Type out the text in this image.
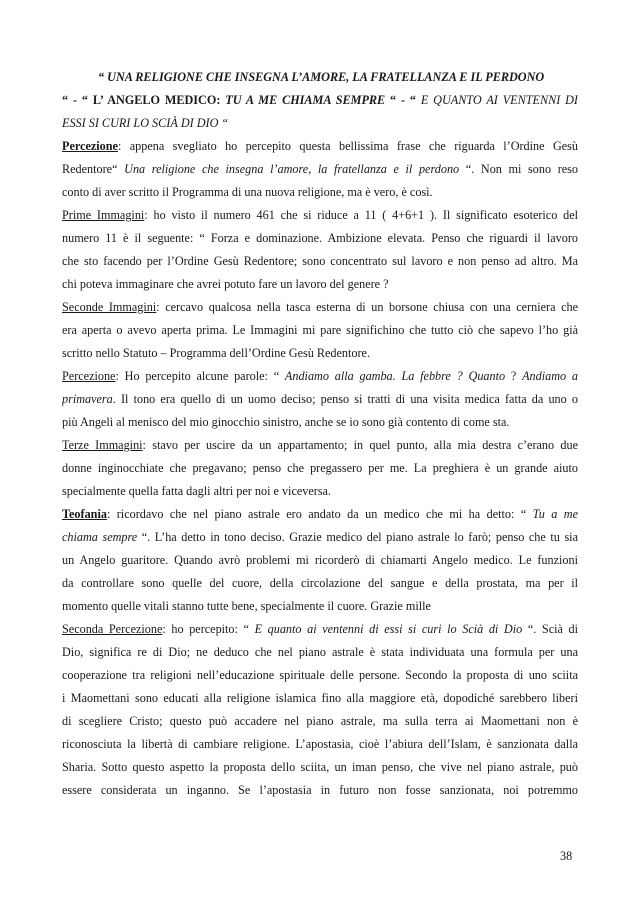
“ UNA RELIGIONE CHE INSEGNA L’AMORE, LA FRATELLANZA E IL PERDONO
“ - “ L’ ANGELO MEDICO: TU A ME CHIAMA SEMPRE “ - “ E QUANTO AI VENTENNI DI
ESSI SI CURI LO SCIÀ DI DIO “
Percezione: appena svegliato ho percepito questa bellissima frase che riguarda l’Ordine Gesù
Redentore“ Una religione che insegna l’amore, la fratellanza e il perdono “. Non mi sono reso
conto di aver scritto il Programma di una nuova religione, ma è vero, è così.
Prime Immagini: ho visto il numero 461 che si riduce a 11 ( 4+6+1 ). Il significato esoterico del
numero 11 è il seguente: “ Forza e dominazione. Ambizione elevata. Penso che riguardi il lavoro
che sto facendo per l’Ordine Gesù Redentore; sono concentrato sul lavoro e non penso ad altro. Ma
chi poteva immaginare che avrei potuto fare un lavoro del genere ?
Seconde Immagini: cercavo qualcosa nella tasca esterna di un borsone chiusa con una cerniera che
era aperta o avevo aperta prima. Le Immagini mi pare significhino che tutto ciò che sapevo l’ho già
scritto nello Statuto – Programma dell’Ordine Gesù Redentore.
Percezione: Ho percepito alcune parole: “ Andiamo alla gamba. La febbre ? Quanto ? Andiamo a
primavera. Il tono era quello di un uomo deciso; penso si tratti di una visita medica fatta da uno o
più Angeli al menisco del mio ginocchio sinistro, anche se io sono già contento di come sta.
Terze Immagini: stavo per uscire da un appartamento; in quel punto, alla mia destra c’erano due
donne inginocchiate che pregavano; penso che pregassero per me. La preghiera è un grande aiuto
specialmente quella fatta dagli altri per noi e viceversa.
Teofania: ricordavo che nel piano astrale ero andato da un medico che mi ha detto: “ Tu a me
chiama sempre “. L’ha detto in tono deciso. Grazie medico del piano astrale lo farò; penso che tu sia
un Angelo guaritore. Quando avrò problemi mi ricorderò di chiamarti Angelo medico. Le funzioni
da controllare sono quelle del cuore, della circolazione del sangue e della prostata, ma per il
momento quelle vitali stanno tutte bene, specialmente il cuore. Grazie mille
Seconda Percezione: ho percepito: “ E quanto ai ventenni di essi si curi lo Scià di Dio “. Scià di
Dio, significa re di Dio; ne deduco che nel piano astrale è stata individuata una formula per una
cooperazione tra religioni nell’educazione spirituale delle persone. Secondo la proposta di uno sciita
i Maomettani sono educati alla religione islamica fino alla maggiore età, dopodiché sarebbero liberi
di scegliere Cristo; questo può accadere nel piano astrale, ma sulla terra ai Maomettani non è
riconosciuta la libertà di cambiare religione. L’apostasia, cioè l’abiura dell’Islam, è sanzionata dalla
Sharia. Sotto questo aspetto la proposta dello sciita, un iman penso, che vive nel piano astrale, può
essere considerata un inganno. Se l’apostasia in futuro non fosse sanzionata, noi potremmo
38
